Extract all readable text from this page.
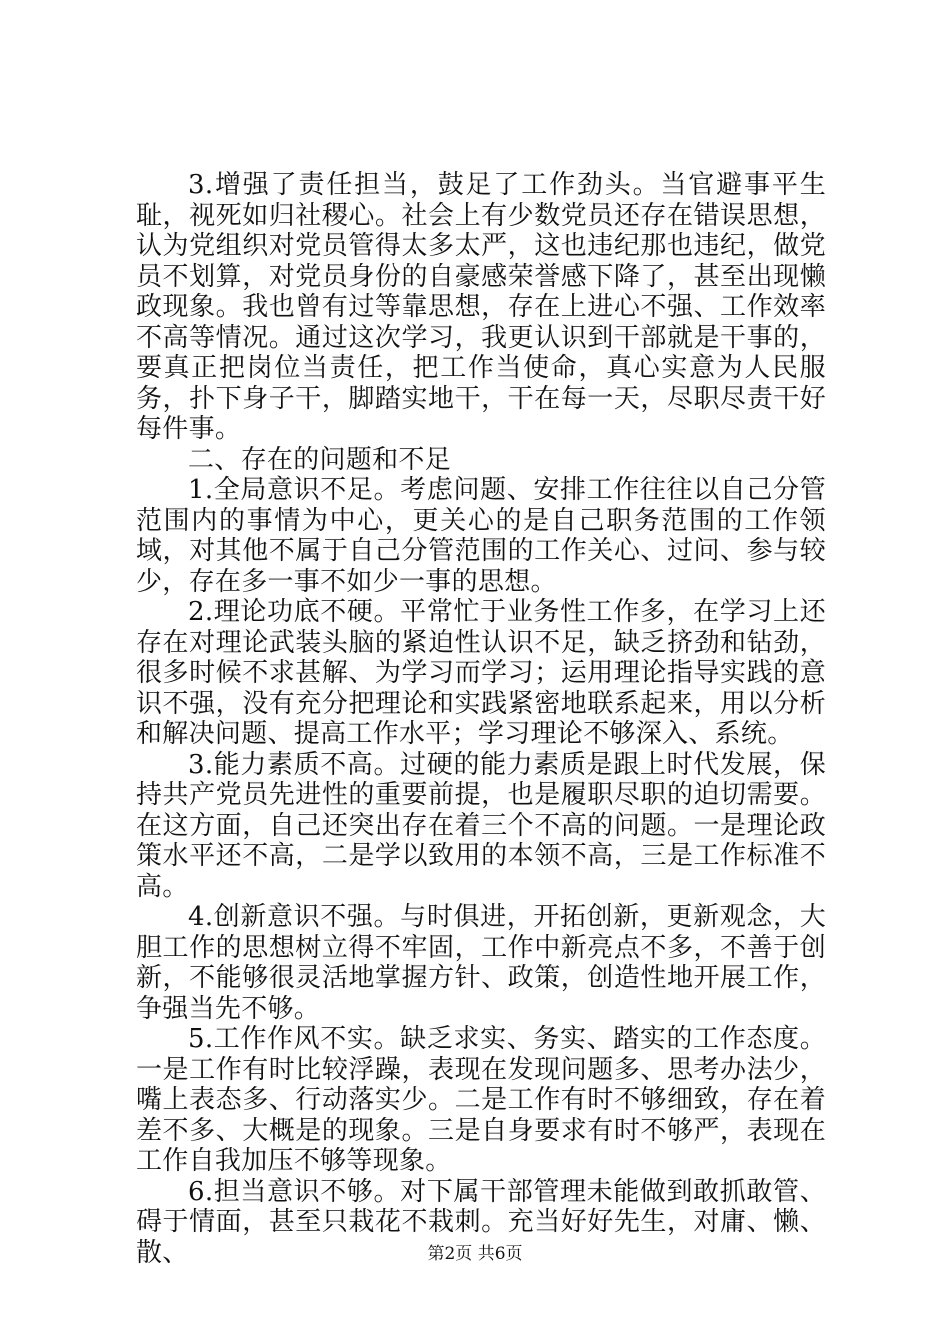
3.增强了责任担当，鼓足了工作劲头。当官避事平生耻，视死如归社稷心。社会上有少数党员还存在错误思想，认为党组织对党员管得太多太严，这也违纪那也违纪，做党员不划算，对党员身份的自豪感荣誉感下降了，甚至出现懒政现象。我也曾有过等靠思想，存在上进心不强、工作效率不高等情况。通过这次学习，我更认识到干部就是干事的，要真正把岗位当责任，把工作当使命，真心实意为人民服务，扑下身子干，脚踏实地干，干在每一天，尽职尽责干好每件事。

二、存在的问题和不足

1.全局意识不足。考虑问题、安排工作往往以自己分管范围内的事情为中心，更关心的是自己职务范围的工作领域，对其他不属于自己分管范围的工作关心、过问、参与较少，存在多一事不如少一事的思想。

2.理论功底不硬。平常忙于业务性工作多，在学习上还存在对理论武装头脑的紧迫性认识不足，缺乏挤劲和钻劲，很多时候不求甚解、为学习而学习；运用理论指导实践的意识不强，没有充分把理论和实践紧密地联系起来，用以分析和解决问题、提高工作水平；学习理论不够深入、系统。

3.能力素质不高。过硬的能力素质是跟上时代发展，保持共产党员先进性的重要前提，也是履职尽职的迫切需要。在这方面，自己还突出存在着三个不高的问题。一是理论政策水平还不高，二是学以致用的本领不高，三是工作标准不高。

4.创新意识不强。与时俱进，开拓创新，更新观念，大胆工作的思想树立得不牢固，工作中新亮点不多，不善于创新，不能够很灵活地掌握方针、政策，创造性地开展工作，争强当先不够。

5.工作作风不实。缺乏求实、务实、踏实的工作态度。一是工作有时比较浮躁，表现在发现问题多、思考办法少，嘴上表态多、行动落实少。二是工作有时不够细致，存在着差不多、大概是的现象。三是自身要求有时不够严，表现在工作自我加压不够等现象。

6.担当意识不够。对下属干部管理未能做到敢抓敢管、碍于情面，甚至只栽花不栽刺。充当好好先生，对庸、懒、散、	第2页 共6页
